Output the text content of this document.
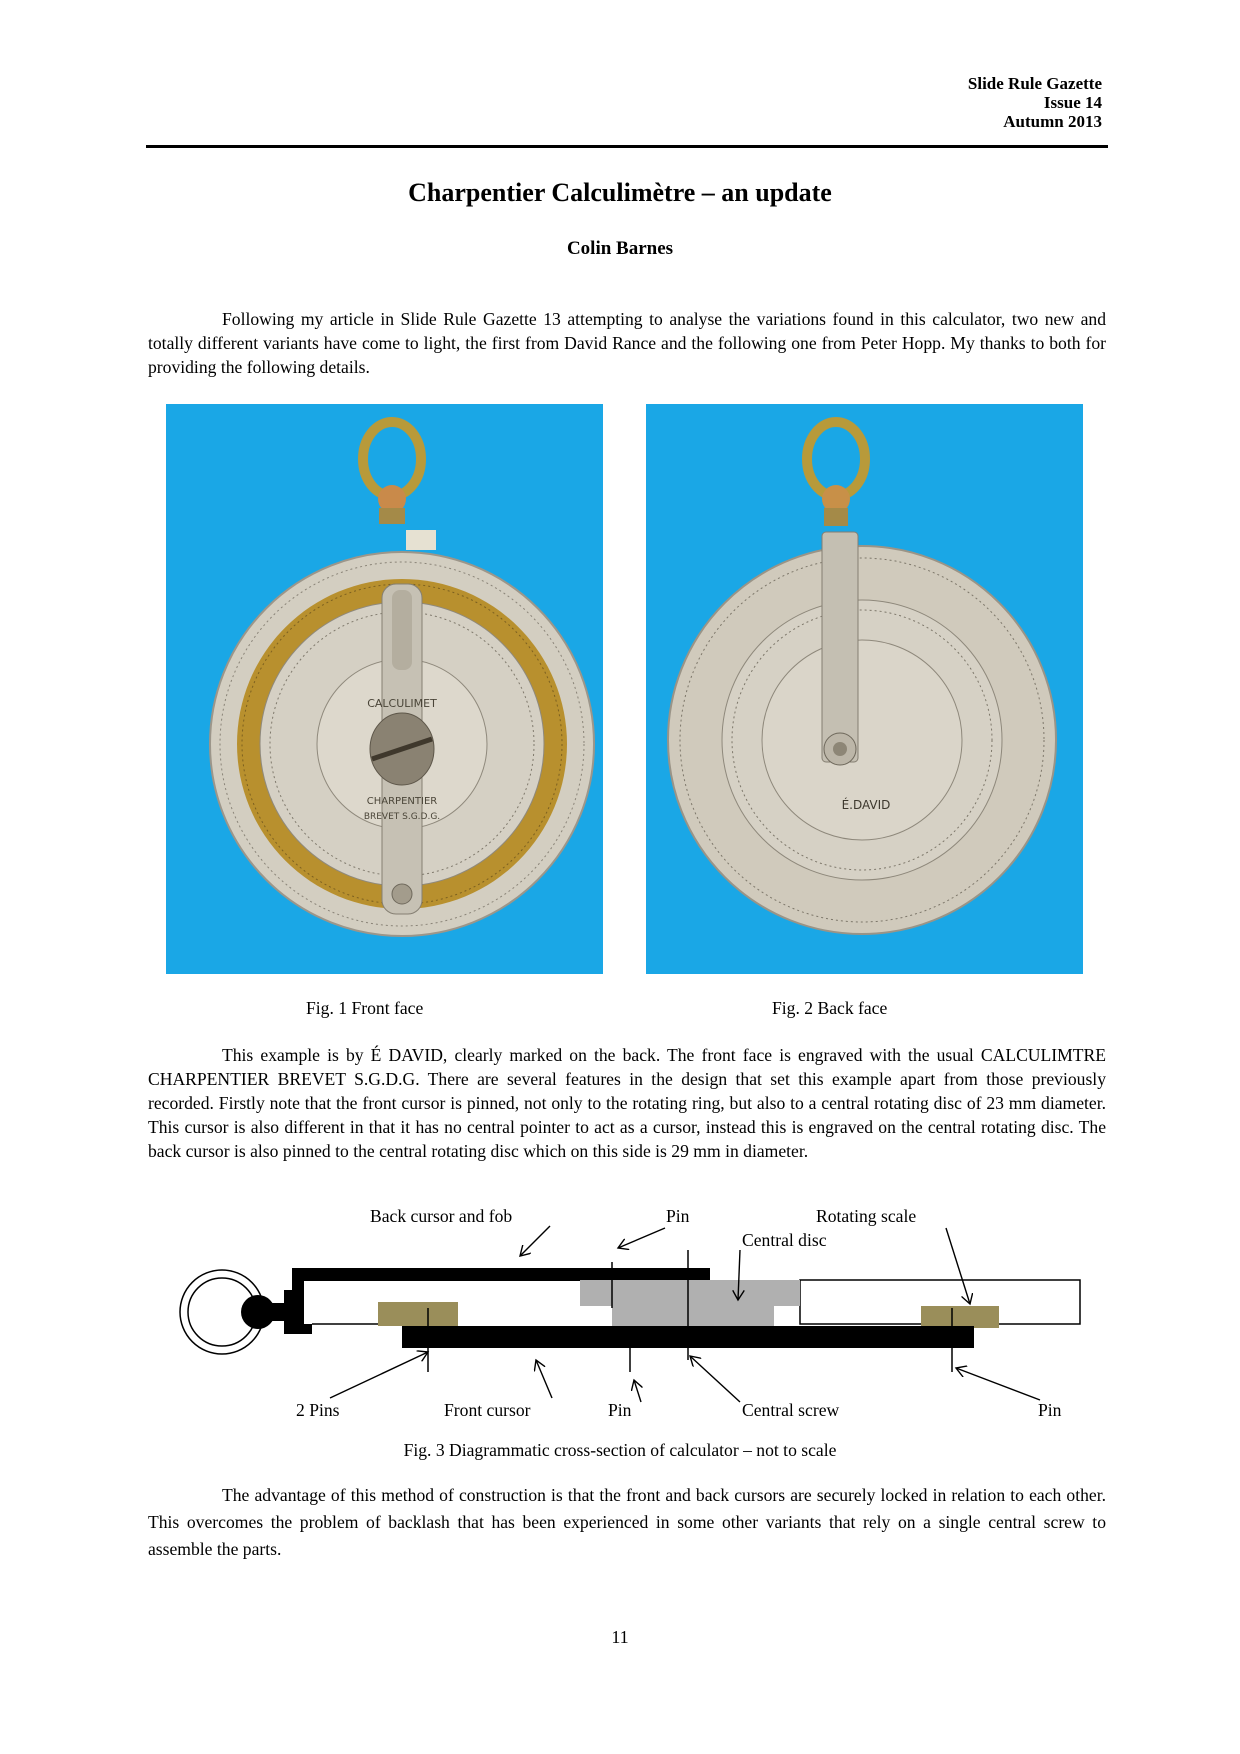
Slide Rule Gazette
Issue 14
Autumn 2013
Charpentier Calculimètre – an update
Colin Barnes

Following my article in Slide Rule Gazette 13 attempting to analyse the variations found in this calculator, two new and totally different variants have come to light, the first from David Rance and the following one from Peter Hopp. My thanks to both for providing the following details.

CALCULIMET
CHARPENTIER
BREVET S.G.D.G.
É.DAVID
Fig. 1 Front face	Fig. 2 Back face

This example is by É DAVID, clearly marked on the back. The front face is engraved with the usual CALCULIMTRE CHARPENTIER BREVET S.G.D.G. There are several features in the design that set this example apart from those previously recorded. Firstly note that the front cursor is pinned, not only to the rotating ring, but also to a central rotating disc of 23 mm diameter. This cursor is also different in that it has no central pointer to act as a cursor, instead this is engraved on the central rotating disc. The back cursor is also pinned to the central rotating disc which on this side is 29 mm in diameter.

Back cursor and fob	Pin	Rotating scale
Central disc
2 Pins	Front cursor	Pin	Central screw	Pin
Fig. 3 Diagrammatic cross-section of calculator – not to scale

The advantage of this method of construction is that the front and back cursors are securely locked in relation to each other. This overcomes the problem of backlash that has been experienced in some other variants that rely on a single central screw to assemble the parts.

11
